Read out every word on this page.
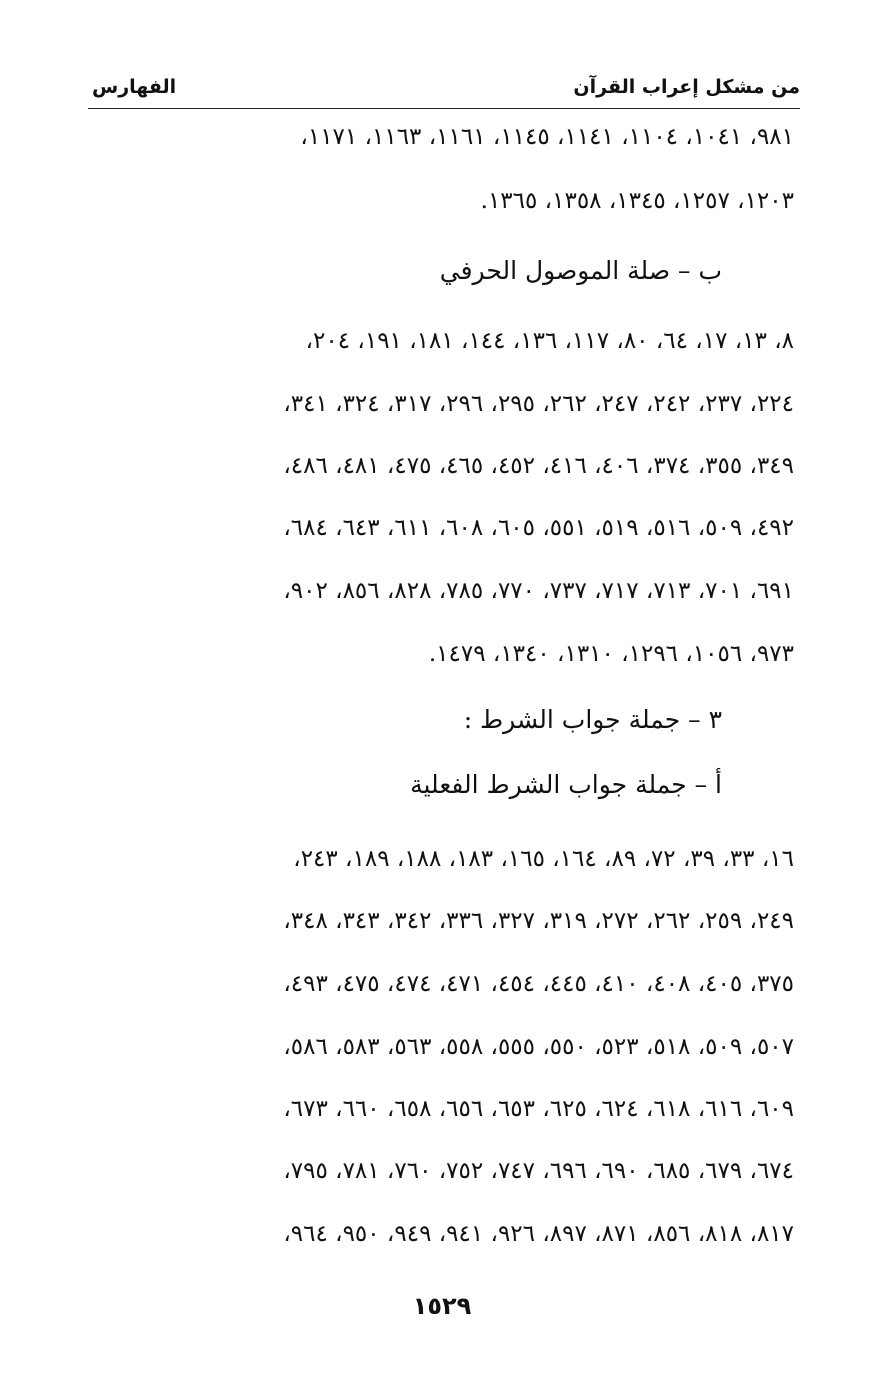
من مشكل إعراب القرآن
الفهارس
٩٨١، ١٠٤١، ١١٠٤، ١١٤١، ١١٤٥، ١١٦١، ١١٦٣، ١١٧١،
١٢٠٣، ١٢٥٧، ١٣٤٥، ١٣٥٨، ١٣٦٥.
ب – صلة الموصول الحرفي
٨، ١٣، ١٧، ٦٤، ٨٠، ١١٧، ١٣٦، ١٤٤، ١٨١، ١٩١، ٢٠٤،
٢٢٤، ٢٣٧، ٢٤٢، ٢٤٧، ٢٦٢، ٢٩٥، ٢٩٦، ٣١٧، ٣٢٤، ٣٤١،
٣٤٩، ٣٥٥، ٣٧٤، ٤٠٦، ٤١٦، ٤٥٢، ٤٦٥، ٤٧٥، ٤٨١، ٤٨٦،
٤٩٢، ٥٠٩، ٥١٦، ٥١٩، ٥٥١، ٦٠٥، ٦٠٨، ٦١١، ٦٤٣، ٦٨٤،
٦٩١، ٧٠١، ٧١٣، ٧١٧، ٧٣٧، ٧٧٠، ٧٨٥، ٨٢٨، ٨٥٦، ٩٠٢،
٩٧٣، ١٠٥٦، ١٢٩٦، ١٣١٠، ١٣٤٠، ١٤٧٩.
٣ – جملة جواب الشرط :
أ – جملة جواب الشرط الفعلية
١٦، ٣٣، ٣٩، ٧٢، ٨٩، ١٦٤، ١٦٥، ١٨٣، ١٨٨، ١٨٩، ٢٤٣،
٢٤٩، ٢٥٩، ٢٦٢، ٢٧٢، ٣١٩، ٣٢٧، ٣٣٦، ٣٤٢، ٣٤٣، ٣٤٨،
٣٧٥، ٤٠٥، ٤٠٨، ٤١٠، ٤٤٥، ٤٥٤، ٤٧١، ٤٧٤، ٤٧٥، ٤٩٣،
٥٠٧، ٥٠٩، ٥١٨، ٥٢٣، ٥٥٠، ٥٥٥، ٥٥٨، ٥٦٣، ٥٨٣، ٥٨٦،
٦٠٩، ٦١٦، ٦١٨، ٦٢٤، ٦٢٥، ٦٥٣، ٦٥٦، ٦٥٨، ٦٦٠، ٦٧٣،
٦٧٤، ٦٧٩، ٦٨٥، ٦٩٠، ٦٩٦، ٧٤٧، ٧٥٢، ٧٦٠، ٧٨١، ٧٩٥،
٨١٧، ٨١٨، ٨٥٦، ٨٧١، ٨٩٧، ٩٢٦، ٩٤١، ٩٤٩، ٩٥٠، ٩٦٤،
١٥٢٩
